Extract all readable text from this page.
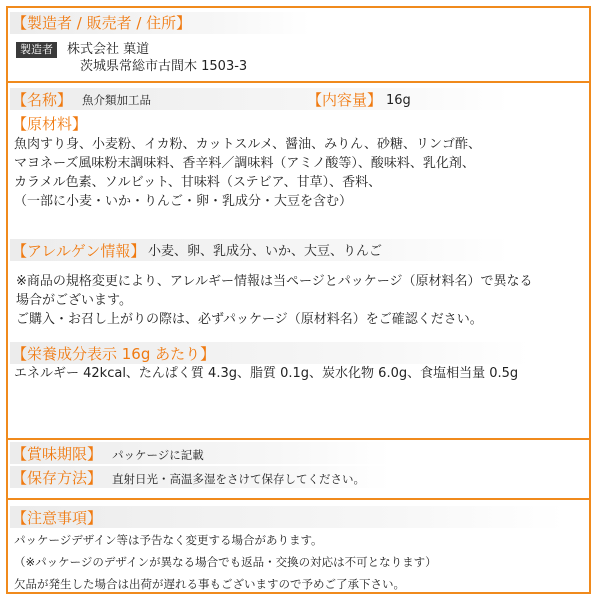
【製造者 / 販売者 / 住所】
製造者 株式会社 菓道
茨城県常総市古間木 1503-3
【名称】 魚介類加工品	【内容量】 16g
【原材料】
魚肉すり身、小麦粉、イカ粉、カットスルメ、醤油、みりん、砂糖、リンゴ酢、
マヨネーズ風味粉末調味料、香辛料／調味料（アミノ酸等）、酸味料、乳化剤、
カラメル色素、ソルビット、甘味料（ステビア、甘草）、香料、
（一部に小麦・いか・りんご・卵・乳成分・大豆を含む）
【アレルゲン情報】 小麦、卵、乳成分、いか、大豆、りんご
※商品の規格変更により、アレルギー情報は当ページとパッケージ（原材料名）で異なる
場合がございます。
ご購入・お召し上がりの際は、必ずパッケージ（原材料名）をご確認ください。
【栄養成分表示 16g あたり】
エネルギー 42kcal、たんぱく質 4.3g、脂質 0.1g、炭水化物 6.0g、食塩相当量 0.5g
【賞味期限】 パッケージに記載
【保存方法】 直射日光・高温多湿をさけて保存してください。
【注意事項】
パッケージデザイン等は予告なく変更する場合があります。
（※パッケージのデザインが異なる場合でも返品・交換の対応は不可となります）
欠品が発生した場合は出荷が遅れる事もございますので予めご了承下さい。
